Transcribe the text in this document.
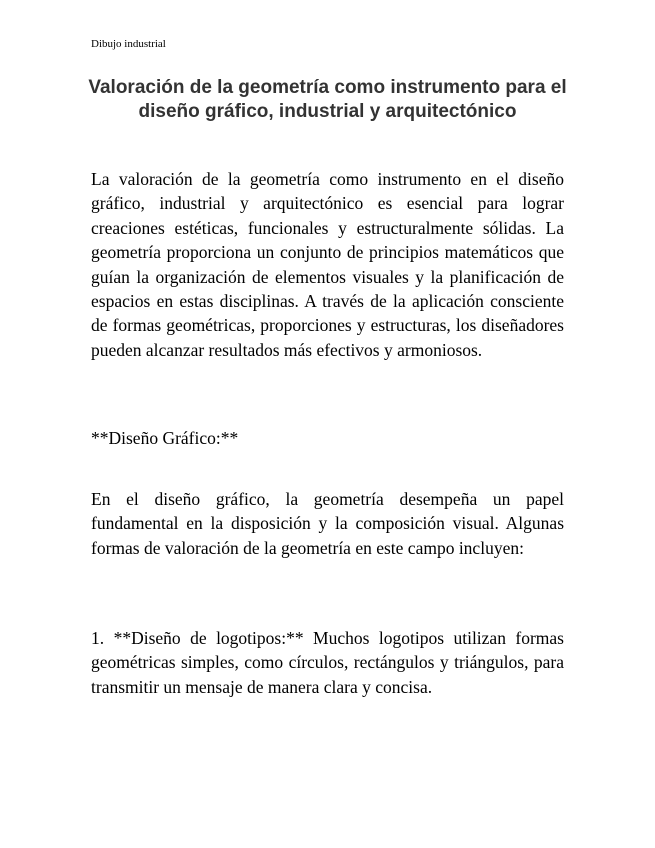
Dibujo industrial
Valoración de la geometría como instrumento para el diseño gráfico, industrial y arquitectónico

La valoración de la geometría como instrumento en el diseño gráfico, industrial y arquitectónico es esencial para lograr creaciones estéticas, funcionales y estructuralmente sólidas. La geometría proporciona un conjunto de principios matemáticos que guían la organización de elementos visuales y la planificación de espacios en estas disciplinas. A través de la aplicación consciente de formas geométricas, proporciones y estructuras, los diseñadores pueden alcanzar resultados más efectivos y armoniosos.

**Diseño Gráfico:**

En el diseño gráfico, la geometría desempeña un papel fundamental en la disposición y la composición visual. Algunas formas de valoración de la geometría en este campo incluyen:

1. **Diseño de logotipos:** Muchos logotipos utilizan formas geométricas simples, como círculos, rectángulos y triángulos, para transmitir un mensaje de manera clara y concisa.
